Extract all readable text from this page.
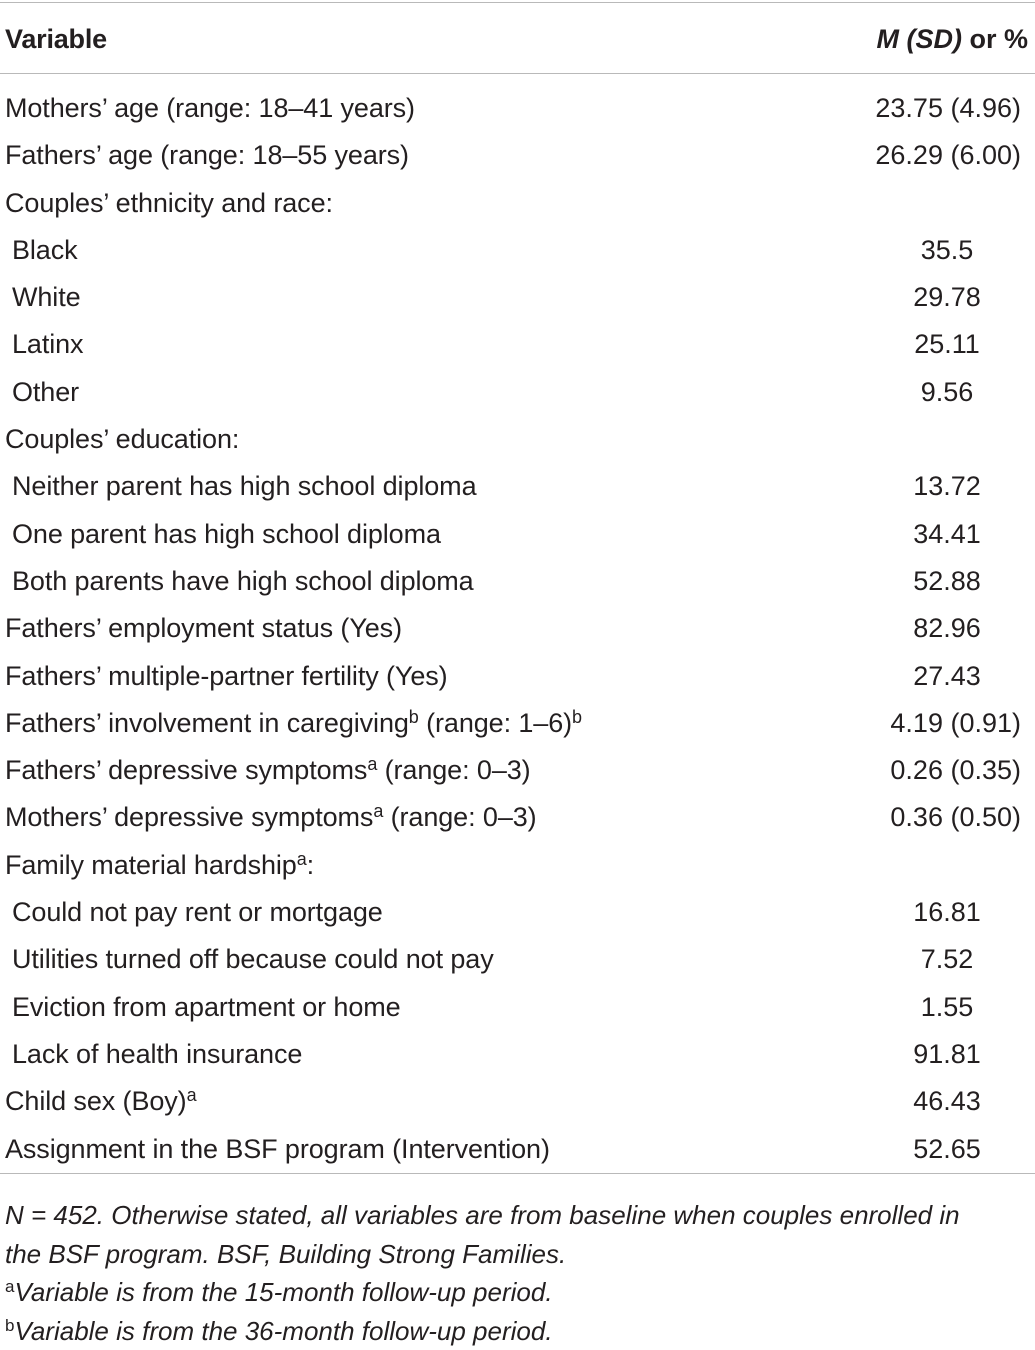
Variable	M (SD) or %
Mothers’ age (range: 18–41 years)	23.75 (4.96)
Fathers’ age (range: 18–55 years)	26.29 (6.00)
Couples’ ethnicity and race:
Black	35.5
White	29.78
Latinx	25.11
Other	9.56
Couples’ education:
Neither parent has high school diploma	13.72
One parent has high school diploma	34.41
Both parents have high school diploma	52.88
Fathers’ employment status (Yes)	82.96
Fathers’ multiple-partner fertility (Yes)	27.43
Fathers’ involvement in caregiving$^b$ (range: 1–6)$^b$	4.19 (0.91)
Fathers’ depressive symptoms$^a$ (range: 0–3)	0.26 (0.35)
Mothers’ depressive symptoms$^a$ (range: 0–3)	0.36 (0.50)
Family material hardship$^a$:
Could not pay rent or mortgage	16.81
Utilities turned off because could not pay	7.52
Eviction from apartment or home	1.55
Lack of health insurance	91.81
Child sex (Boy)$^a$	46.43
Assignment in the BSF program (Intervention)	52.65
N = 452. Otherwise stated, all variables are from baseline when couples enrolled in
the BSF program. BSF, Building Strong Families.
$^a$Variable is from the 15-month follow-up period.
$^b$Variable is from the 36-month follow-up period.
